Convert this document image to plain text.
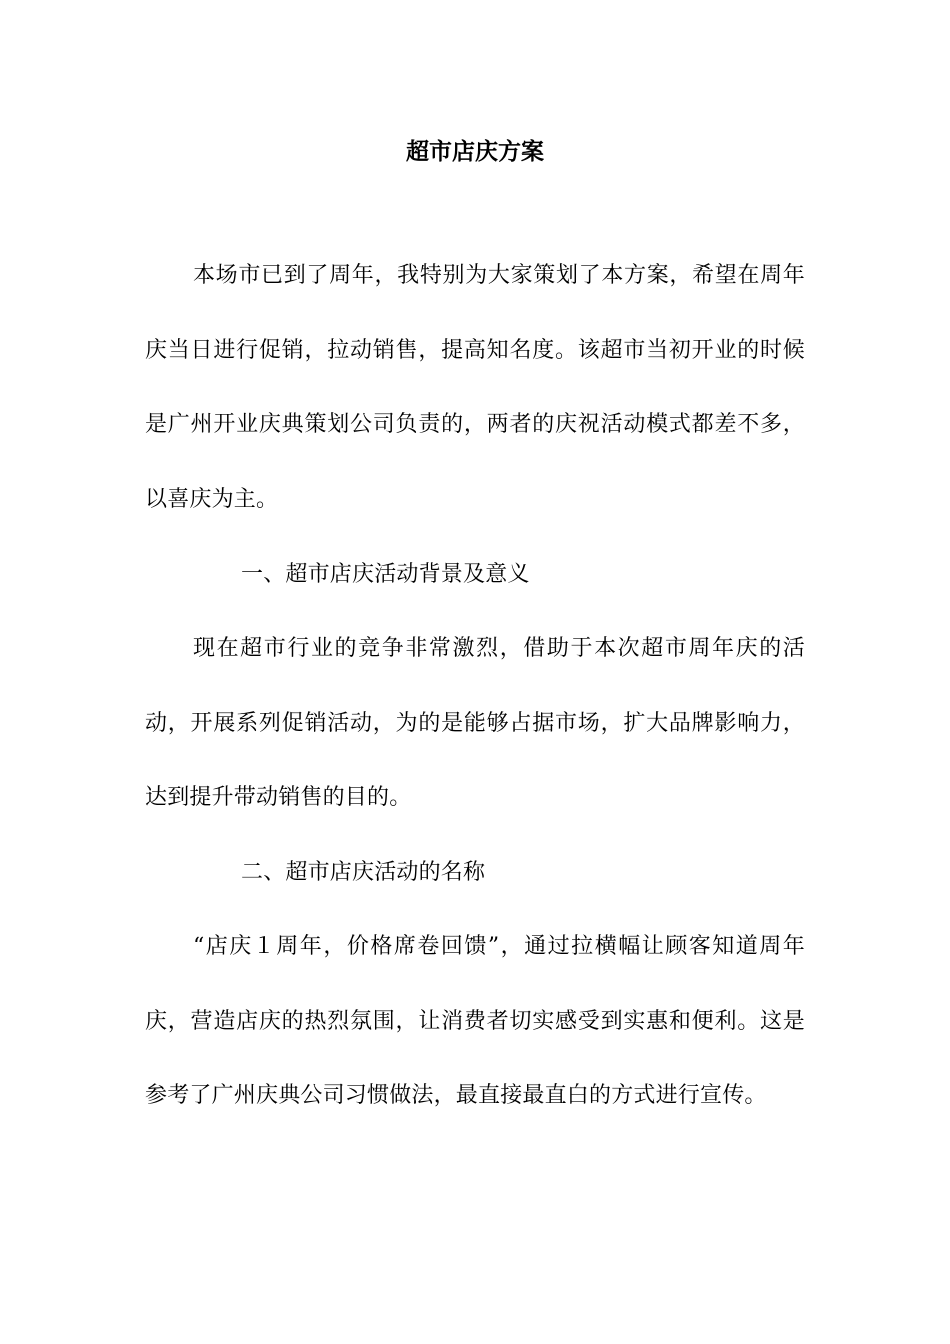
超市店庆方案

本场市已到了周年，我特别为大家策划了本方案，希望在周年庆当日进行促销，拉动销售，提高知名度。该超市当初开业的时候是广州开业庆典策划公司负责的，两者的庆祝活动模式都差不多，以喜庆为主。

一、超市店庆活动背景及意义

现在超市行业的竞争非常激烈，借助于本次超市周年庆的活动，开展系列促销活动，为的是能够占据市场，扩大品牌影响力，达到提升带动销售的目的。

二、超市店庆活动的名称

“店庆１周年，价格席卷回馈”，通过拉横幅让顾客知道周年庆，营造店庆的热烈氛围，让消费者切实感受到实惠和便利。这是参考了广州庆典公司习惯做法，最直接最直白的方式进行宣传。
